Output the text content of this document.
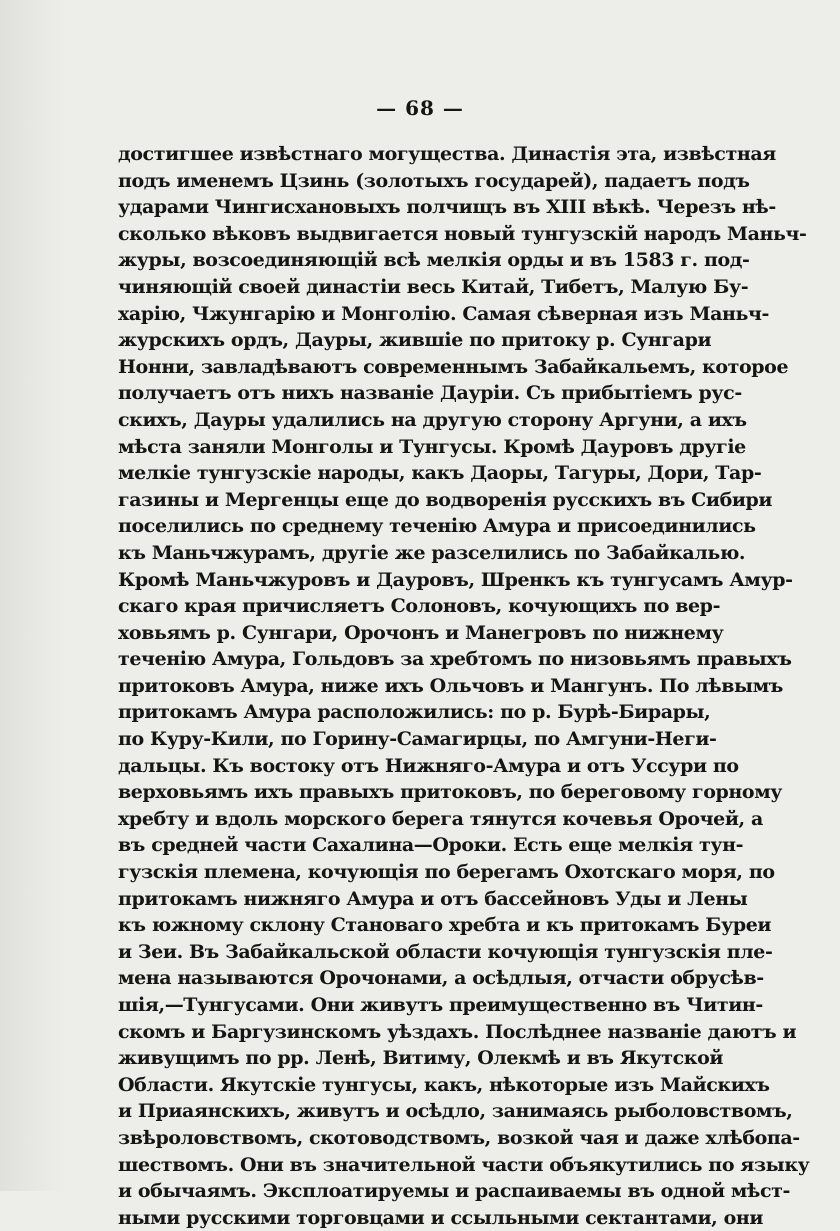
— 68 —
достигшее извѣстнаго могущества. Династія эта, извѣстная
подъ именемъ Цзинь (золотыхъ государей), падаетъ подъ
ударами Чингисхановыхъ полчищъ въ XIII вѣкѣ. Черезъ нѣ-
сколько вѣковъ выдвигается новый тунгузскій народъ Маньч-
журы, возсоединяющій всѣ мелкія орды и въ 1583 г. под-
чиняющій своей династіи весь Китай, Тибетъ, Малую Бу-
харію, Чжунгарію и Монголію. Самая сѣверная изъ Маньч-
журскихъ ордъ, Дауры, жившіе по притоку р. Сунгари
Нонни, завладѣваютъ современнымъ Забайкальемъ, которое
получаетъ отъ нихъ названіе Дауріи. Съ прибытіемъ рус-
скихъ, Дауры удалились на другую сторону Аргуни, а ихъ
мѣста заняли Монголы и Тунгусы. Кромѣ Дауровъ другіе
мелкіе тунгузскіе народы, какъ Даоры, Тагуры, Дори, Тар-
газины и Мергенцы еще до водворенія русскихъ въ Сибири
поселились по среднему теченію Амура и присоединились
къ Маньчжурамъ, другіе же разселились по Забайкалью.
Кромѣ Маньчжуровъ и Дауровъ, Шренкъ къ тунгусамъ Амур-
скаго края причисляетъ Солоновъ, кочующихъ по вер-
ховьямъ р. Сунгари, Орочонъ и Манегровъ по нижнему
теченію Амура, Гольдовъ за хребтомъ по низовьямъ правыхъ
притоковъ Амура, ниже ихъ Ольчовъ и Мангунъ. По лѣвымъ
притокамъ Амура расположились: по р. Бурѣ-Бирары,
по Куру-Кили, по Горину-Самагирцы, по Амгуни-Неги-
дальцы. Къ востоку отъ Нижняго-Амура и отъ Уссури по
верховьямъ ихъ правыхъ притоковъ, по береговому горному
хребту и вдоль морского берега тянутся кочевья Орочей, а
въ средней части Сахалина—Ороки. Есть еще мелкія тун-
гузскія племена, кочующія по берегамъ Охотскаго моря, по
притокамъ нижняго Амура и отъ бассейновъ Уды и Лены
къ южному склону Становаго хребта и къ притокамъ Буреи
и Зеи. Въ Забайкальской области кочующія тунгузскія пле-
мена называются Орочонами, а осѣдлыя, отчасти обрусѣв-
шія,—Тунгусами. Они живутъ преимущественно въ Читин-
скомъ и Баргузинскомъ уѣздахъ. Послѣднее названіе даютъ и
живущимъ по рр. Ленѣ, Витиму, Олекмѣ и въ Якутской
Области. Якутскіе тунгусы, какъ, нѣкоторые изъ Майскихъ
и Приаянскихъ, живутъ и осѣдло, занимаясь рыболовствомъ,
звѣроловствомъ, скотоводствомъ, возкой чая и даже хлѣбопа-
шествомъ. Они въ значительной части объякутились по языку
и обычаямъ. Эксплоатируемы и распаиваемы въ одной мѣст-
ными русскими торговцами и ссыльными сектантами, они
